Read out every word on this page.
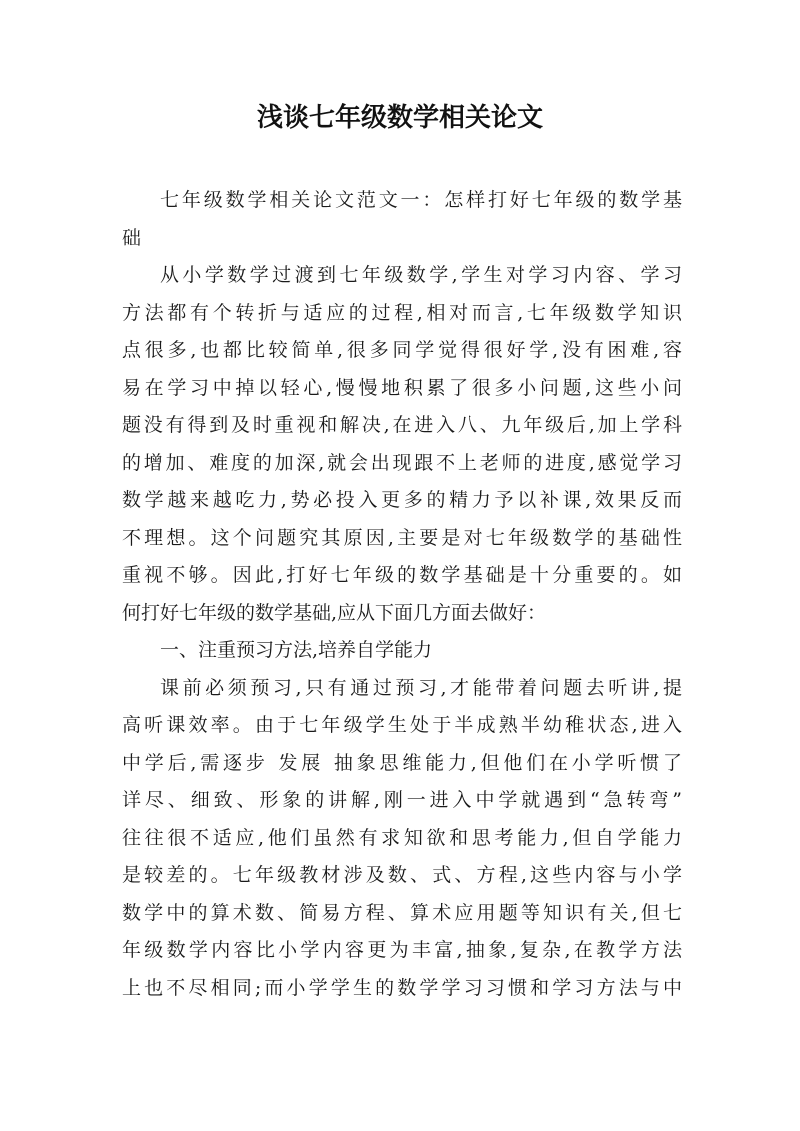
浅谈七年级数学相关论文
七年级数学相关论文范文一：怎样打好七年级的数学基
础
从小学数学过渡到七年级数学,学生对学习内容、学习
方法都有个转折与适应的过程,相对而言,七年级数学知识
点很多,也都比较简单,很多同学觉得很好学,没有困难,容
易在学习中掉以轻心,慢慢地积累了很多小问题,这些小问
题没有得到及时重视和解决,在进入八、九年级后,加上学科
的增加、难度的加深,就会出现跟不上老师的进度,感觉学习
数学越来越吃力,势必投入更多的精力予以补课,效果反而
不理想。这个问题究其原因,主要是对七年级数学的基础性
重视不够。因此,打好七年级的数学基础是十分重要的。如
何打好七年级的数学基础,应从下面几方面去做好：
一、注重预习方法,培养自学能力
课前必须预习,只有通过预习,才能带着问题去听讲,提
高听课效率。由于七年级学生处于半成熟半幼稚状态,进入
中学后,需逐步 发展 抽象思维能力,但他们在小学听惯了
详尽、细致、形象的讲解,刚一进入中学就遇到“急转弯”
往往很不适应,他们虽然有求知欲和思考能力,但自学能力
是较差的。七年级教材涉及数、式、方程,这些内容与小学
数学中的算术数、简易方程、算术应用题等知识有关,但七
年级数学内容比小学内容更为丰富,抽象,复杂,在教学方法
上也不尽相同;而小学学生的数学学习习惯和学习方法与中
